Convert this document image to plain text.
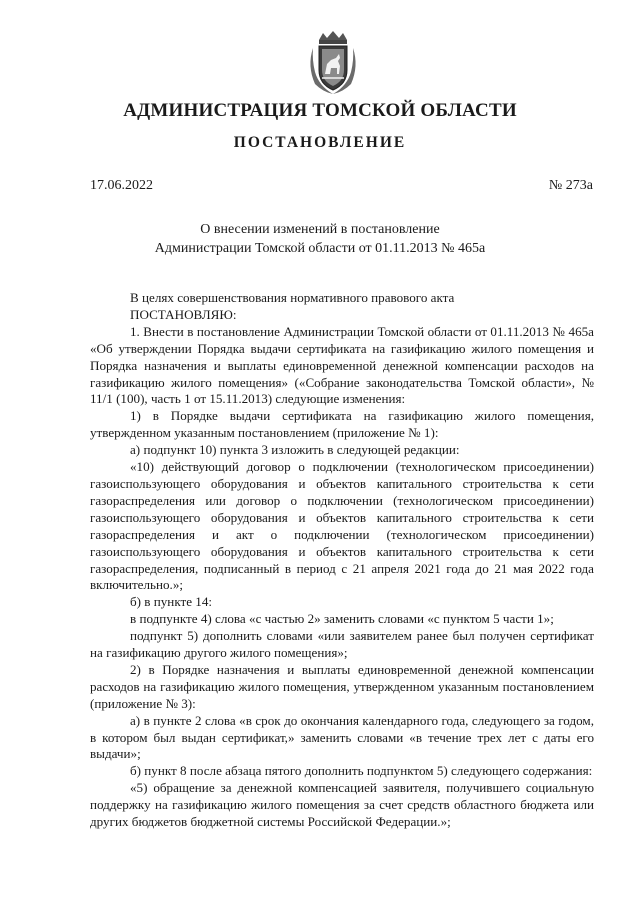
АДМИНИСТРАЦИЯ ТОМСКОЙ ОБЛАСТИ
ПОСТАНОВЛЕНИЕ
17.06.2022	№ 273а
О внесении изменений в постановление
Администрации Томской области от 01.11.2013 № 465а

В целях совершенствования нормативного правового акта

ПОСТАНОВЛЯЮ:

1. Внести в постановление Администрации Томской области от 01.11.2013 № 465а «Об утверждении Порядка выдачи сертификата на газификацию жилого помещения и Порядка назначения и выплаты единовременной денежной компенсации расходов на газификацию жилого помещения» («Собрание законодательства Томской области», № 11/1 (100), часть 1 от 15.11.2013) следующие изменения:

1) в Порядке выдачи сертификата на газификацию жилого помещения, утвержденном указанным постановлением (приложение № 1):

а) подпункт 10) пункта 3 изложить в следующей редакции:

«10) действующий договор о подключении (технологическом присоединении) газоиспользующего оборудования и объектов капитального строительства к сети газораспределения или договор о подключении (технологическом присоединении) газоиспользующего оборудования и объектов капитального строительства к сети газораспределения и акт о подключении (технологическом присоединении) газоиспользующего оборудования и объектов капитального строительства к сети газораспределения, подписанный в период с 21 апреля 2021 года до 21 мая 2022 года включительно.»;

б) в пункте 14:

в подпункте 4) слова «с частью 2» заменить словами «с пунктом 5 части 1»;

подпункт 5) дополнить словами «или заявителем ранее был получен сертификат на газификацию другого жилого помещения»;

2) в Порядке назначения и выплаты единовременной денежной компенсации расходов на газификацию жилого помещения, утвержденном указанным постановлением (приложение № 3):

а) в пункте 2 слова «в срок до окончания календарного года, следующего за годом, в котором был выдан сертификат,» заменить словами «в течение трех лет с даты его выдачи»;

б) пункт 8 после абзаца пятого дополнить подпунктом 5) следующего содержания:

«5) обращение за денежной компенсацией заявителя, получившего социальную поддержку на газификацию жилого помещения за счет средств областного бюджета или других бюджетов бюджетной системы Российской Федерации.»;
